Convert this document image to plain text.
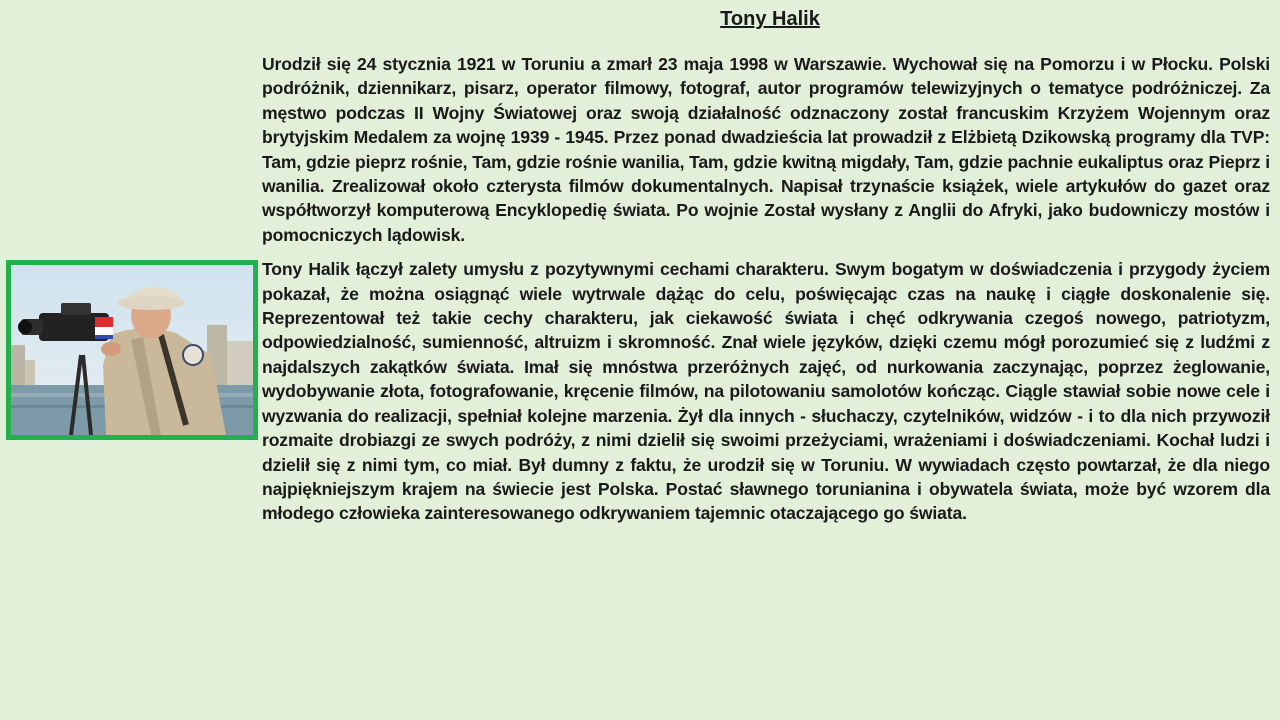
Tony Halik

Urodził się 24 stycznia 1921 w Toruniu a zmarł 23 maja 1998 w Warszawie. Wychował się na Pomorzu i w Płocku. Polski podróżnik, dziennikarz, pisarz, operator filmowy, fotograf, autor programów telewizyjnych o tematyce podróżniczej. Za męstwo podczas II Wojny Światowej oraz swoją działalność odznaczony został francuskim Krzyżem Wojennym oraz brytyjskim Medalem za wojnę 1939 - 1945. Przez ponad dwadzieścia lat prowadził z Elżbietą Dzikowską programy dla TVP: Tam, gdzie pieprz rośnie, Tam, gdzie rośnie wanilia, Tam, gdzie kwitną migdały, Tam, gdzie pachnie eukaliptus oraz Pieprz i wanilia. Zrealizował około czterysta filmów dokumentalnych. Napisał trzynaście książek, wiele artykułów do gazet oraz współtworzył komputerową Encyklopedię świata. Po wojnie Został wysłany z Anglii do Afryki, jako budowniczy mostów i pomocniczych lądowisk.

Tony Halik łączył zalety umysłu z pozytywnymi cechami charakteru. Swym bogatym w doświadczenia i przygody życiem pokazał, że można osiągnąć wiele wytrwale dążąc do celu, poświęcając czas na naukę i ciągłe doskonalenie się. Reprezentował też takie cechy charakteru, jak ciekawość świata i chęć odkrywania czegoś nowego, patriotyzm, odpowiedzialność, sumienność, altruizm i skromność. Znał wiele języków, dzięki czemu mógł porozumieć się z ludźmi z najdalszych zakątków świata. Imał się mnóstwa przeróżnych zajęć, od nurkowania zaczynając, poprzez żeglowanie, wydobywanie złota, fotografowanie, kręcenie filmów, na pilotowaniu samolotów kończąc. Ciągle stawiał sobie nowe cele i wyzwania do realizacji, spełniał kolejne marzenia. Żył dla innych - słuchaczy, czytelników, widzów - i to dla nich przywoził rozmaite drobiazgi ze swych podróży, z nimi dzielił się swoimi przeżyciami, wrażeniami i doświadczeniami. Kochał ludzi i dzielił się z nimi tym, co miał. Był dumny z faktu, że urodził się w Toruniu. W wywiadach często powtarzał, że dla niego najpiękniejszym krajem na świecie jest Polska. Postać sławnego torunianina i obywatela świata, może być wzorem dla młodego człowieka zainteresowanego odkrywaniem tajemnic otaczającego go świata.
